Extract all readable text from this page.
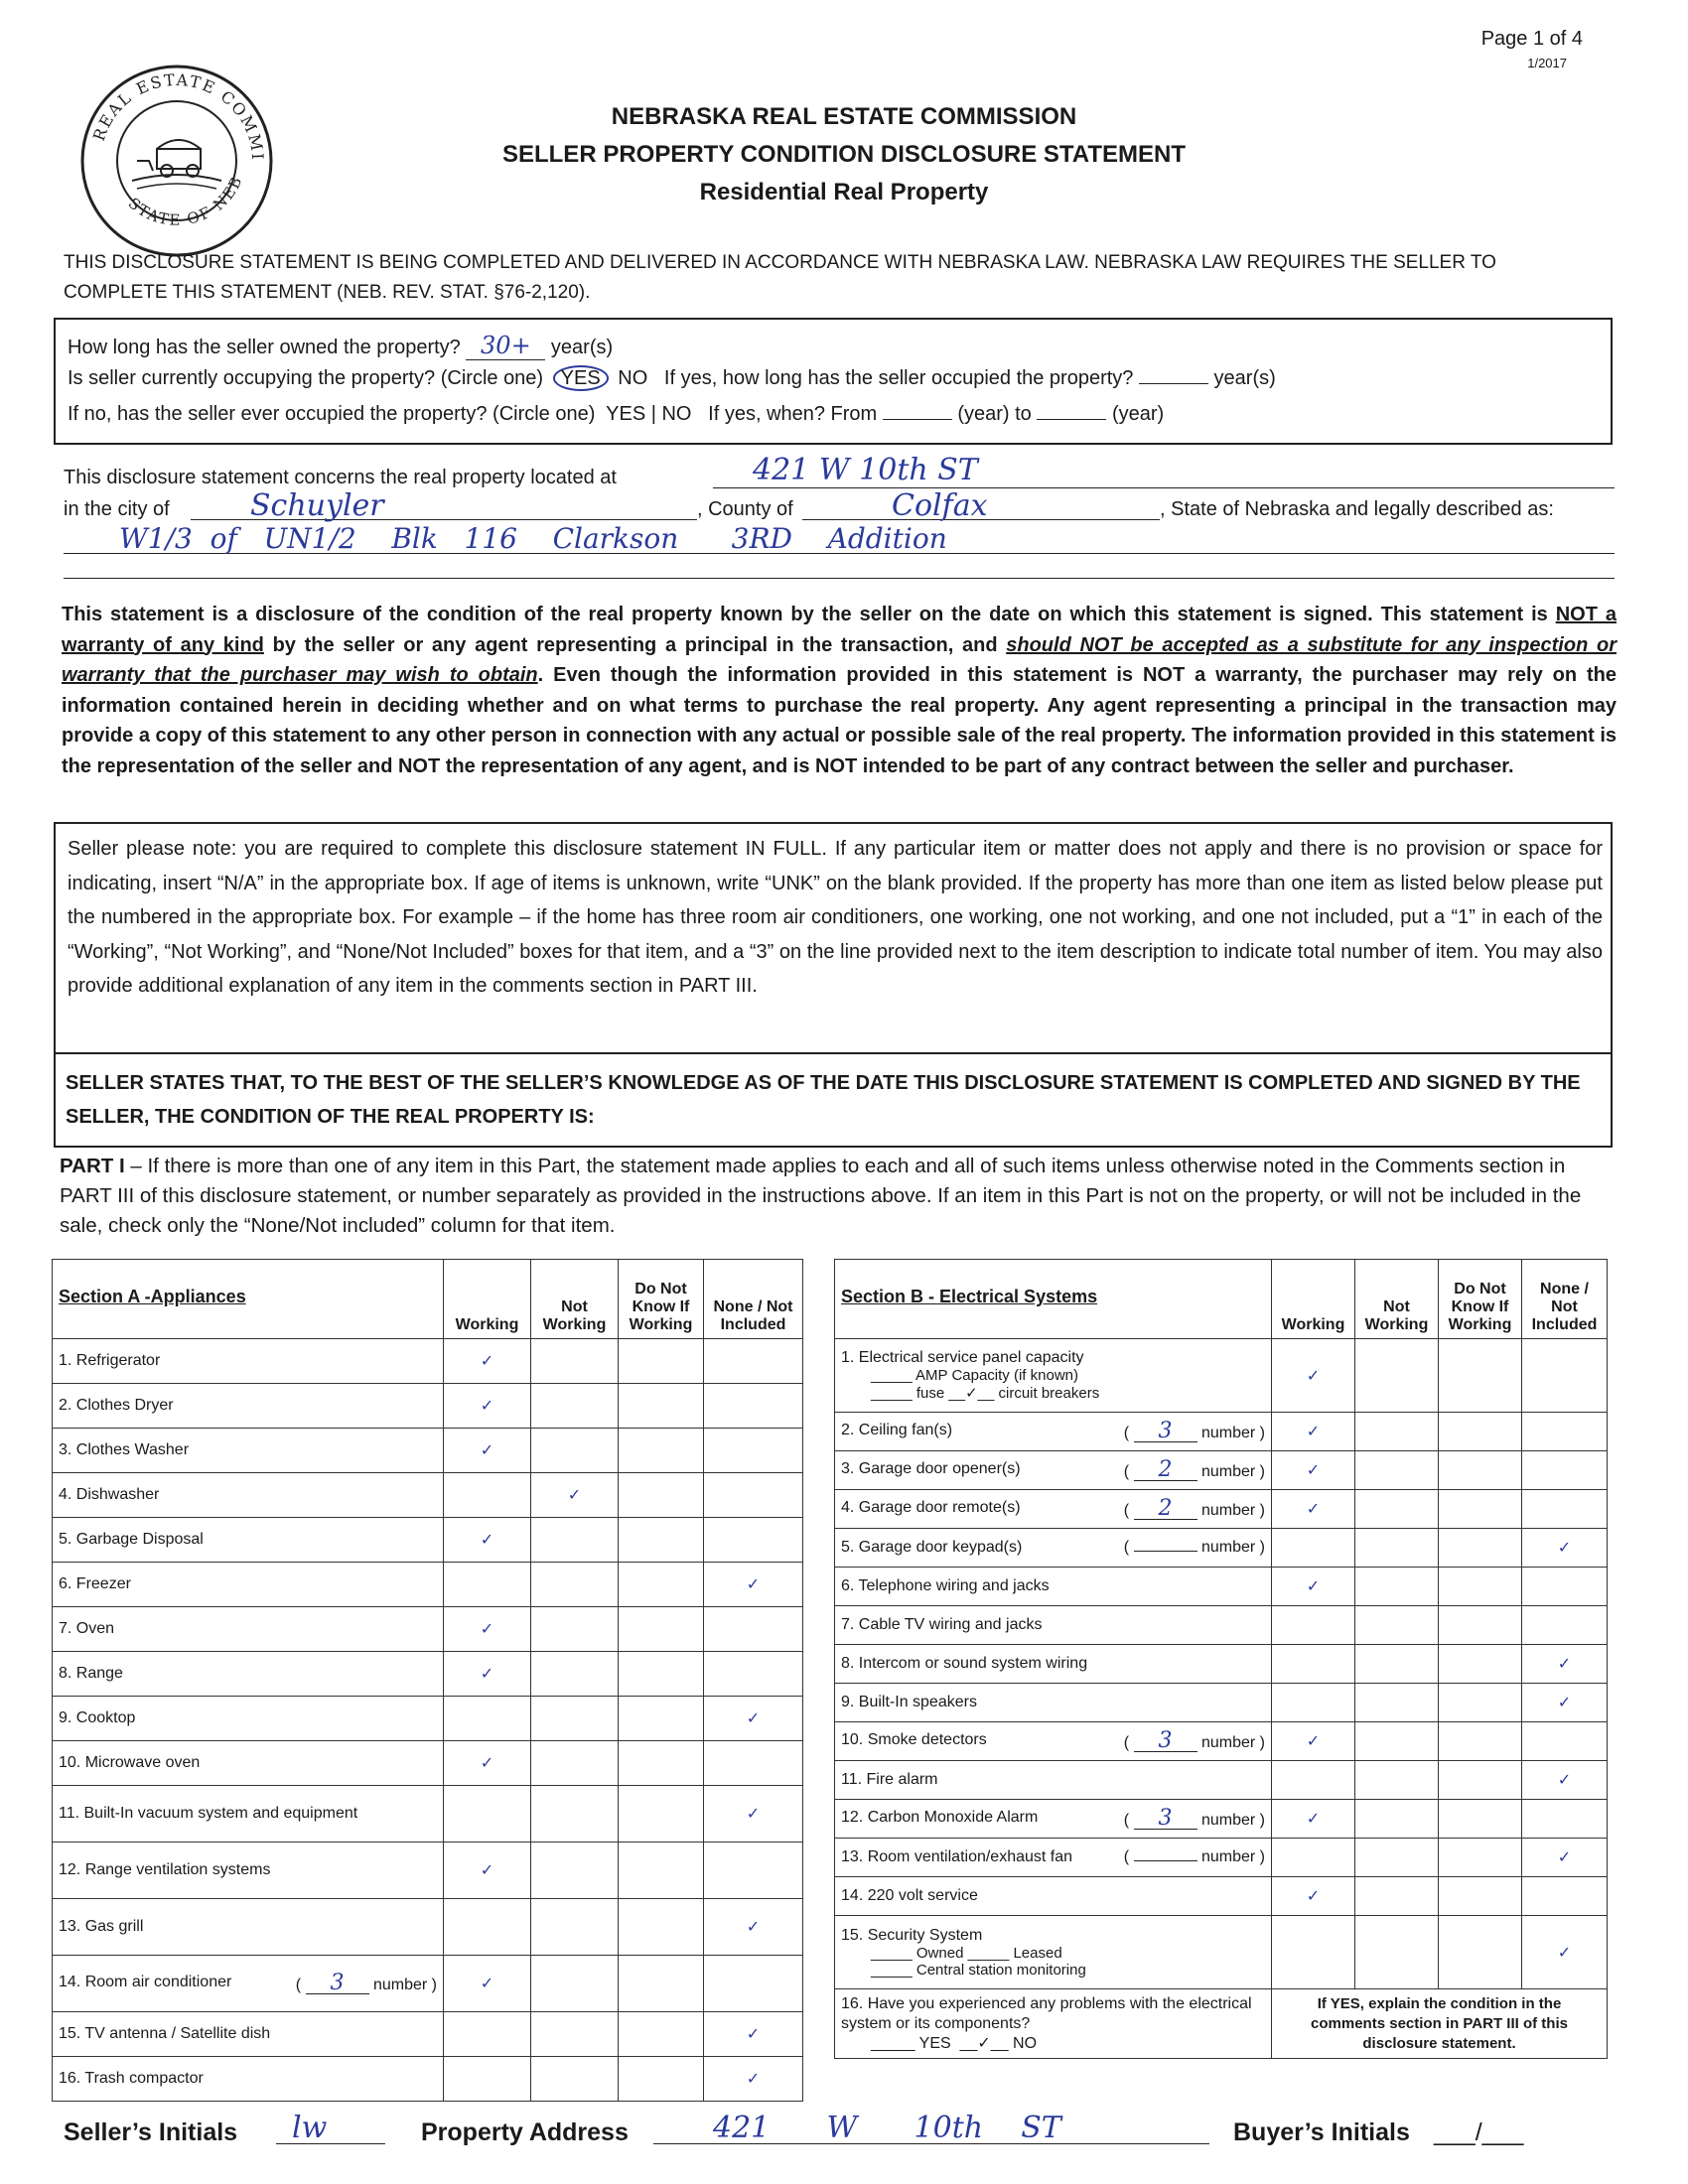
Page 1 of 4
1/2017
REAL ESTATE COMMI
STATE OF NEB
NEBRASKA REAL ESTATE COMMISSION
SELLER PROPERTY CONDITION DISCLOSURE STATEMENT
Residential Real Property
THIS DISCLOSURE STATEMENT IS BEING COMPLETED AND DELIVERED IN ACCORDANCE WITH NEBRASKA LAW. NEBRASKA LAW REQUIRES THE SELLER TO
COMPLETE THIS STATEMENT (NEB. REV. STAT. §76-2,120).
How long has the seller owned the property? 30+ year(s)
Is seller currently occupying the property? (Circle one) YES NO If yes, how long has the seller occupied the property?	year(s)
If no, has the seller ever occupied the property? (Circle one) YES | NO If yes, when? From	(year) to	(year)
This disclosure statement concerns the real property located at	421 W 10th ST
in the city of	Schuyler	, County of	Colfax	, State of Nebraska and legally described as:
W1/3  of   UN1/2    Blk   116    Clarkson      3RD    Addition
This statement is a disclosure of the condition of the real property known by the seller on the date on which this statement is signed. This statement is NOT a warranty of any kind by the seller or any agent representing a principal in the transaction, and should NOT be accepted as a substitute for any inspection or warranty that the purchaser may wish to obtain. Even though the information provided in this statement is NOT a warranty, the purchaser may rely on the information contained herein in deciding whether and on what terms to purchase the real property. Any agent representing a principal in the transaction may provide a copy of this statement to any other person in connection with any actual or possible sale of the real property. The information provided in this statement is the representation of the seller and NOT the representation of any agent, and is NOT intended to be part of any contract between the seller and purchaser.
Seller please note: you are required to complete this disclosure statement IN FULL. If any particular item or matter does not apply and there is no provision or space for indicating, insert “N/A” in the appropriate box. If age of items is unknown, write “UNK” on the blank provided. If the property has more than one item as listed below please put the numbered in the appropriate box. For example – if the home has three room air conditioners, one working, one not working, and one not included, put a “1” in each of the “Working”, “Not Working”, and “None/Not Included” boxes for that item, and a “3” on the line provided next to the item description to indicate total number of item. You may also provide additional explanation of any item in the comments section in PART III.
SELLER STATES THAT, TO THE BEST OF THE SELLER’S KNOWLEDGE AS OF THE DATE THIS DISCLOSURE STATEMENT IS COMPLETED AND SIGNED BY THE SELLER, THE CONDITION OF THE REAL PROPERTY IS:
PART I – If there is more than one of any item in this Part, the statement made applies to each and all of such items unless otherwise noted in the Comments section in PART III of this disclosure statement, or number separately as provided in the instructions above. If an item in this Part is not on the property, or will not be included in the sale, check only the “None/Not included” column for that item.
Section A -Appliances	Working	Not Working	Do Not Know If Working	None / Not Included
1. Refrigerator	✓			
2. Clothes Dryer	✓			
3. Clothes Washer	✓			
4. Dishwasher		✓		
5. Garbage Disposal	✓			
6. Freezer				✓
7. Oven	✓			
8. Range	✓			
9. Cooktop				✓
10. Microwave oven	✓			
11. Built-In vacuum system and equipment				✓
12. Range ventilation systems	✓			
13. Gas grill				✓
14. Room air conditioner ( 3 number )	✓			
15. TV antenna / Satellite dish				✓
16. Trash compactor				✓
Section B - Electrical Systems	Working	Not Working	Do Not Know If Working	None / Not Included
1. Electrical service panel capacity
_____ AMP Capacity (if known)
_____ fuse __✓__ circuit breakers	✓			
2. Ceiling fan(s) ( 3 number )	✓			
3. Garage door opener(s) ( 2 number )	✓			
4. Garage door remote(s) ( 2 number )	✓			
5. Garage door keypad(s) ( number )				✓
6. Telephone wiring and jacks	✓			
7. Cable TV wiring and jacks				
8. Intercom or sound system wiring				✓
9. Built-In speakers				✓
10. Smoke detectors ( 3 number )	✓			
11. Fire alarm				✓
12. Carbon Monoxide Alarm ( 3 number )	✓			
13. Room ventilation/exhaust fan ( number )				✓
14. 220 volt service	✓			
15. Security System
_____ Owned _____ Leased
_____ Central station monitoring				✓
16. Have you experienced any problems with the electrical system or its components?
_____ YES __✓__ NO	If YES, explain the condition in the comments section in PART III of this disclosure statement.			
Seller’s Initials	lw	Property Address	421      W      10th    ST	Buyer’s Initials ___/___
